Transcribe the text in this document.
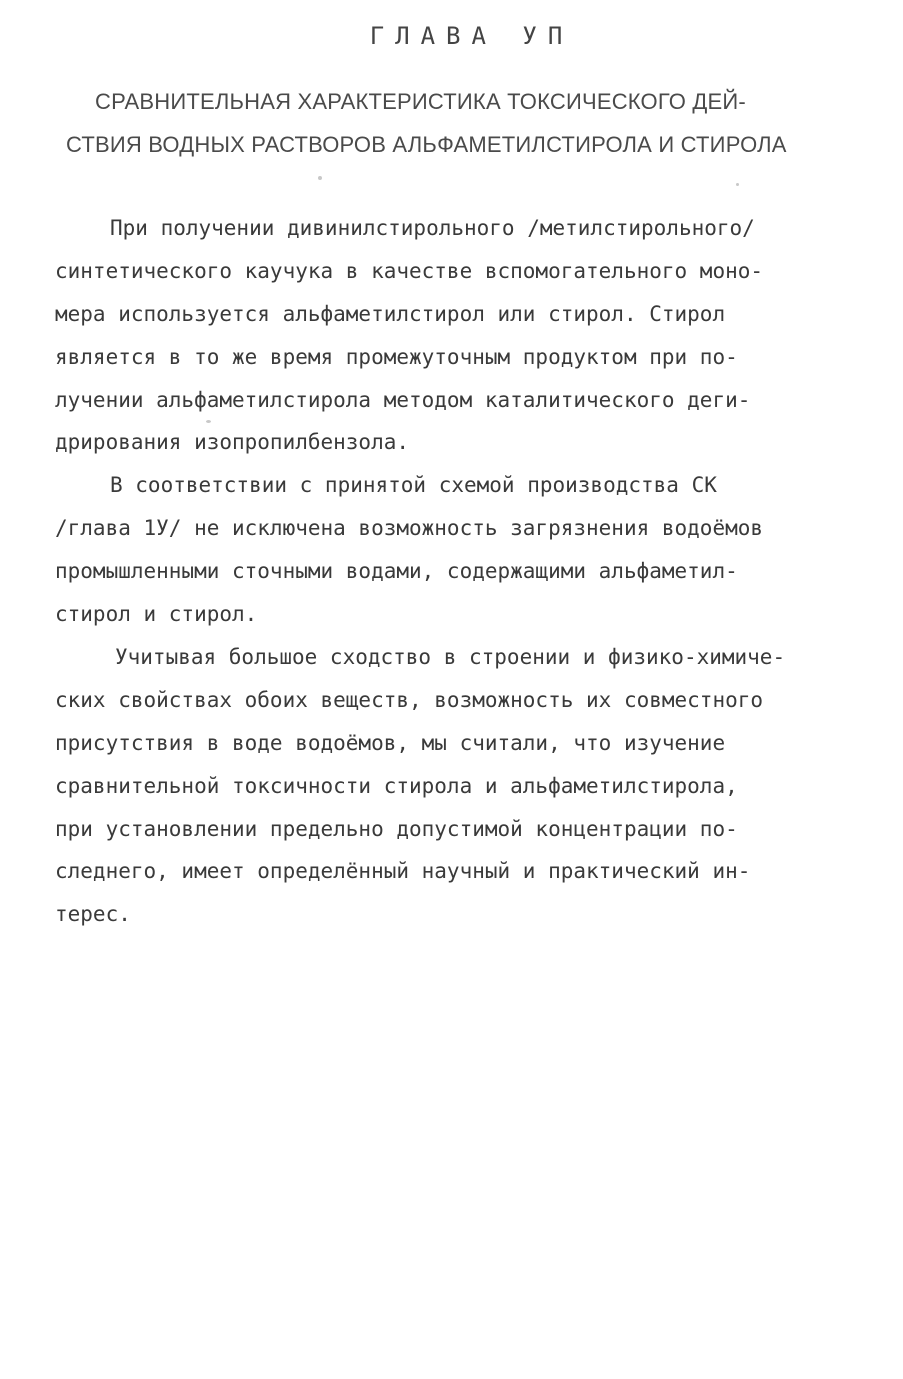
ГЛАВА УП
СРАВНИТЕЛЬНАЯ ХАРАКТЕРИСТИКА ТОКСИЧЕСКОГО ДЕЙ-
СТВИЯ ВОДНЫХ РАСТВОРОВ АЛЬФАМЕТИЛСТИРОЛА И СТИРОЛА
При получении дивинилстирольного /метилстирольного/
синтетического каучука в качестве вспомогательного моно-
мера используется альфаметилстирол или стирол. Стирол
является в то же время промежуточным продуктом при по-
лучении альфаметилстирола методом каталитического деги-
дрирования изопропилбензола.
В соответствии с принятой схемой производства СК
/глава 1У/ не исключена возможность загрязнения водоёмов
промышленными сточными водами, содержащими альфаметил-
стирол и стирол.
Учитывая большое сходство в строении и физико-химиче-
ских свойствах обоих веществ, возможность их совместного
присутствия в воде водоёмов, мы считали, что изучение
сравнительной токсичности стирола и альфаметилстирола,
при установлении предельно допустимой концентрации по-
следнего, имеет определённый научный и практический ин-
терес.
